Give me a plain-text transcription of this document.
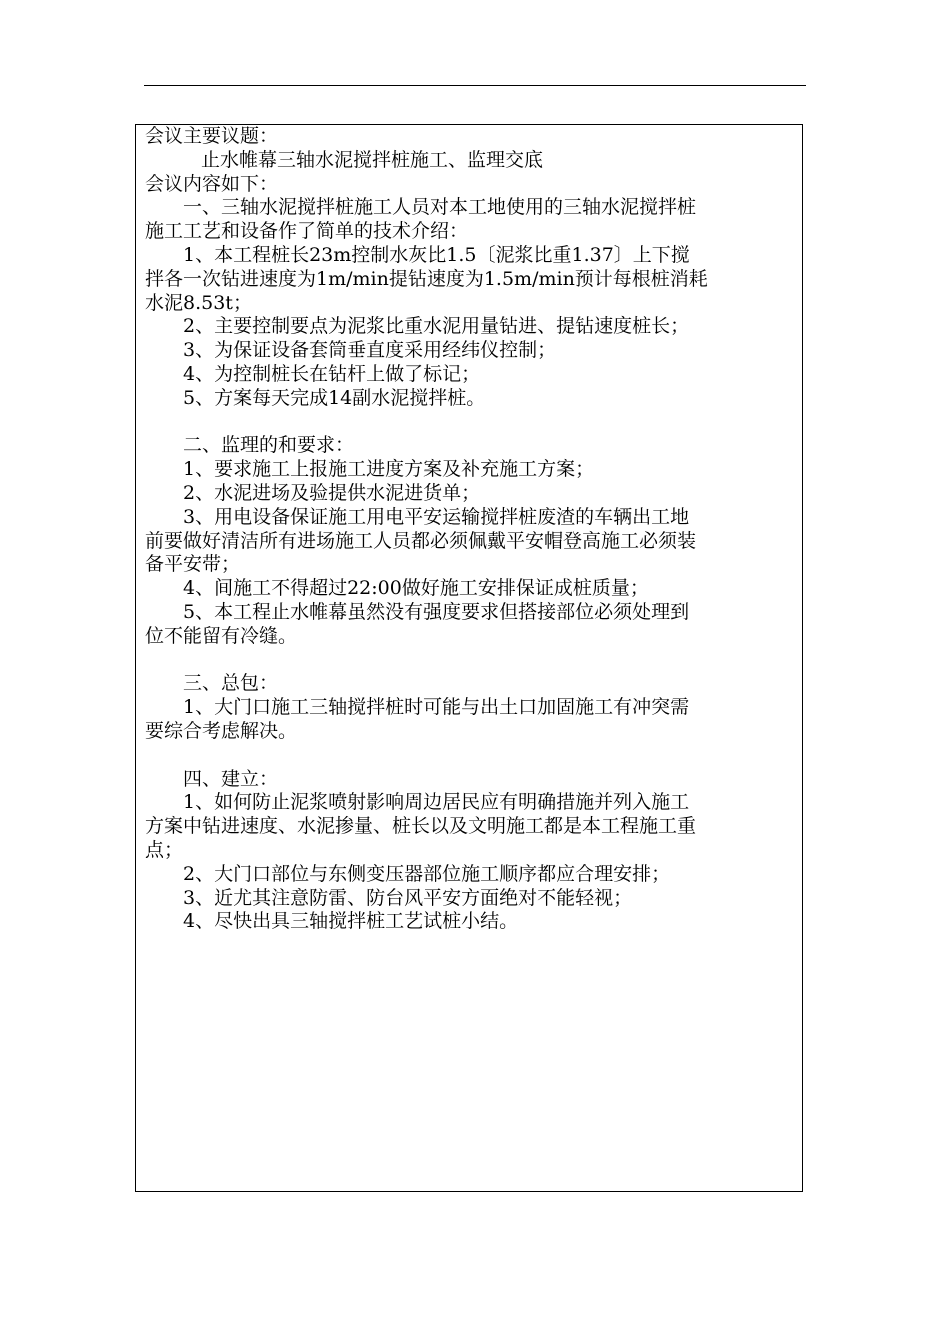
会议主要议题：
止水帷幕三轴水泥搅拌桩施工、监理交底
会议内容如下：
一、三轴水泥搅拌桩施工人员对本工地使用的三轴水泥搅拌桩
施工工艺和设备作了简单的技术介绍：
1、本工程桩长23m控制水灰比1.5〔泥浆比重1.37〕上下搅
拌各一次钻进速度为1m/min提钻速度为1.5m/min预计每根桩消耗
水泥8.53t；
2、主要控制要点为泥浆比重水泥用量钻进、提钻速度桩长；
3、为保证设备套筒垂直度采用经纬仪控制；
4、为控制桩长在钻杆上做了标记；
5、方案每天完成14副水泥搅拌桩。
二、监理的和要求：
1、要求施工上报施工进度方案及补充施工方案；
2、水泥进场及验提供水泥进货单；
3、用电设备保证施工用电平安运输搅拌桩废渣的车辆出工地
前要做好清洁所有进场施工人员都必须佩戴平安帽登高施工必须装
备平安带；
4、间施工不得超过22:00做好施工安排保证成桩质量；
5、本工程止水帷幕虽然没有强度要求但搭接部位必须处理到
位不能留有冷缝。
三、总包：
1、大门口施工三轴搅拌桩时可能与出土口加固施工有冲突需
要综合考虑解决。
四、建立：
1、如何防止泥浆喷射影响周边居民应有明确措施并列入施工
方案中钻进速度、水泥掺量、桩长以及文明施工都是本工程施工重
点；
2、大门口部位与东侧变压器部位施工顺序都应合理安排；
3、近尤其注意防雷、防台风平安方面绝对不能轻视；
4、尽快出具三轴搅拌桩工艺试桩小结。
